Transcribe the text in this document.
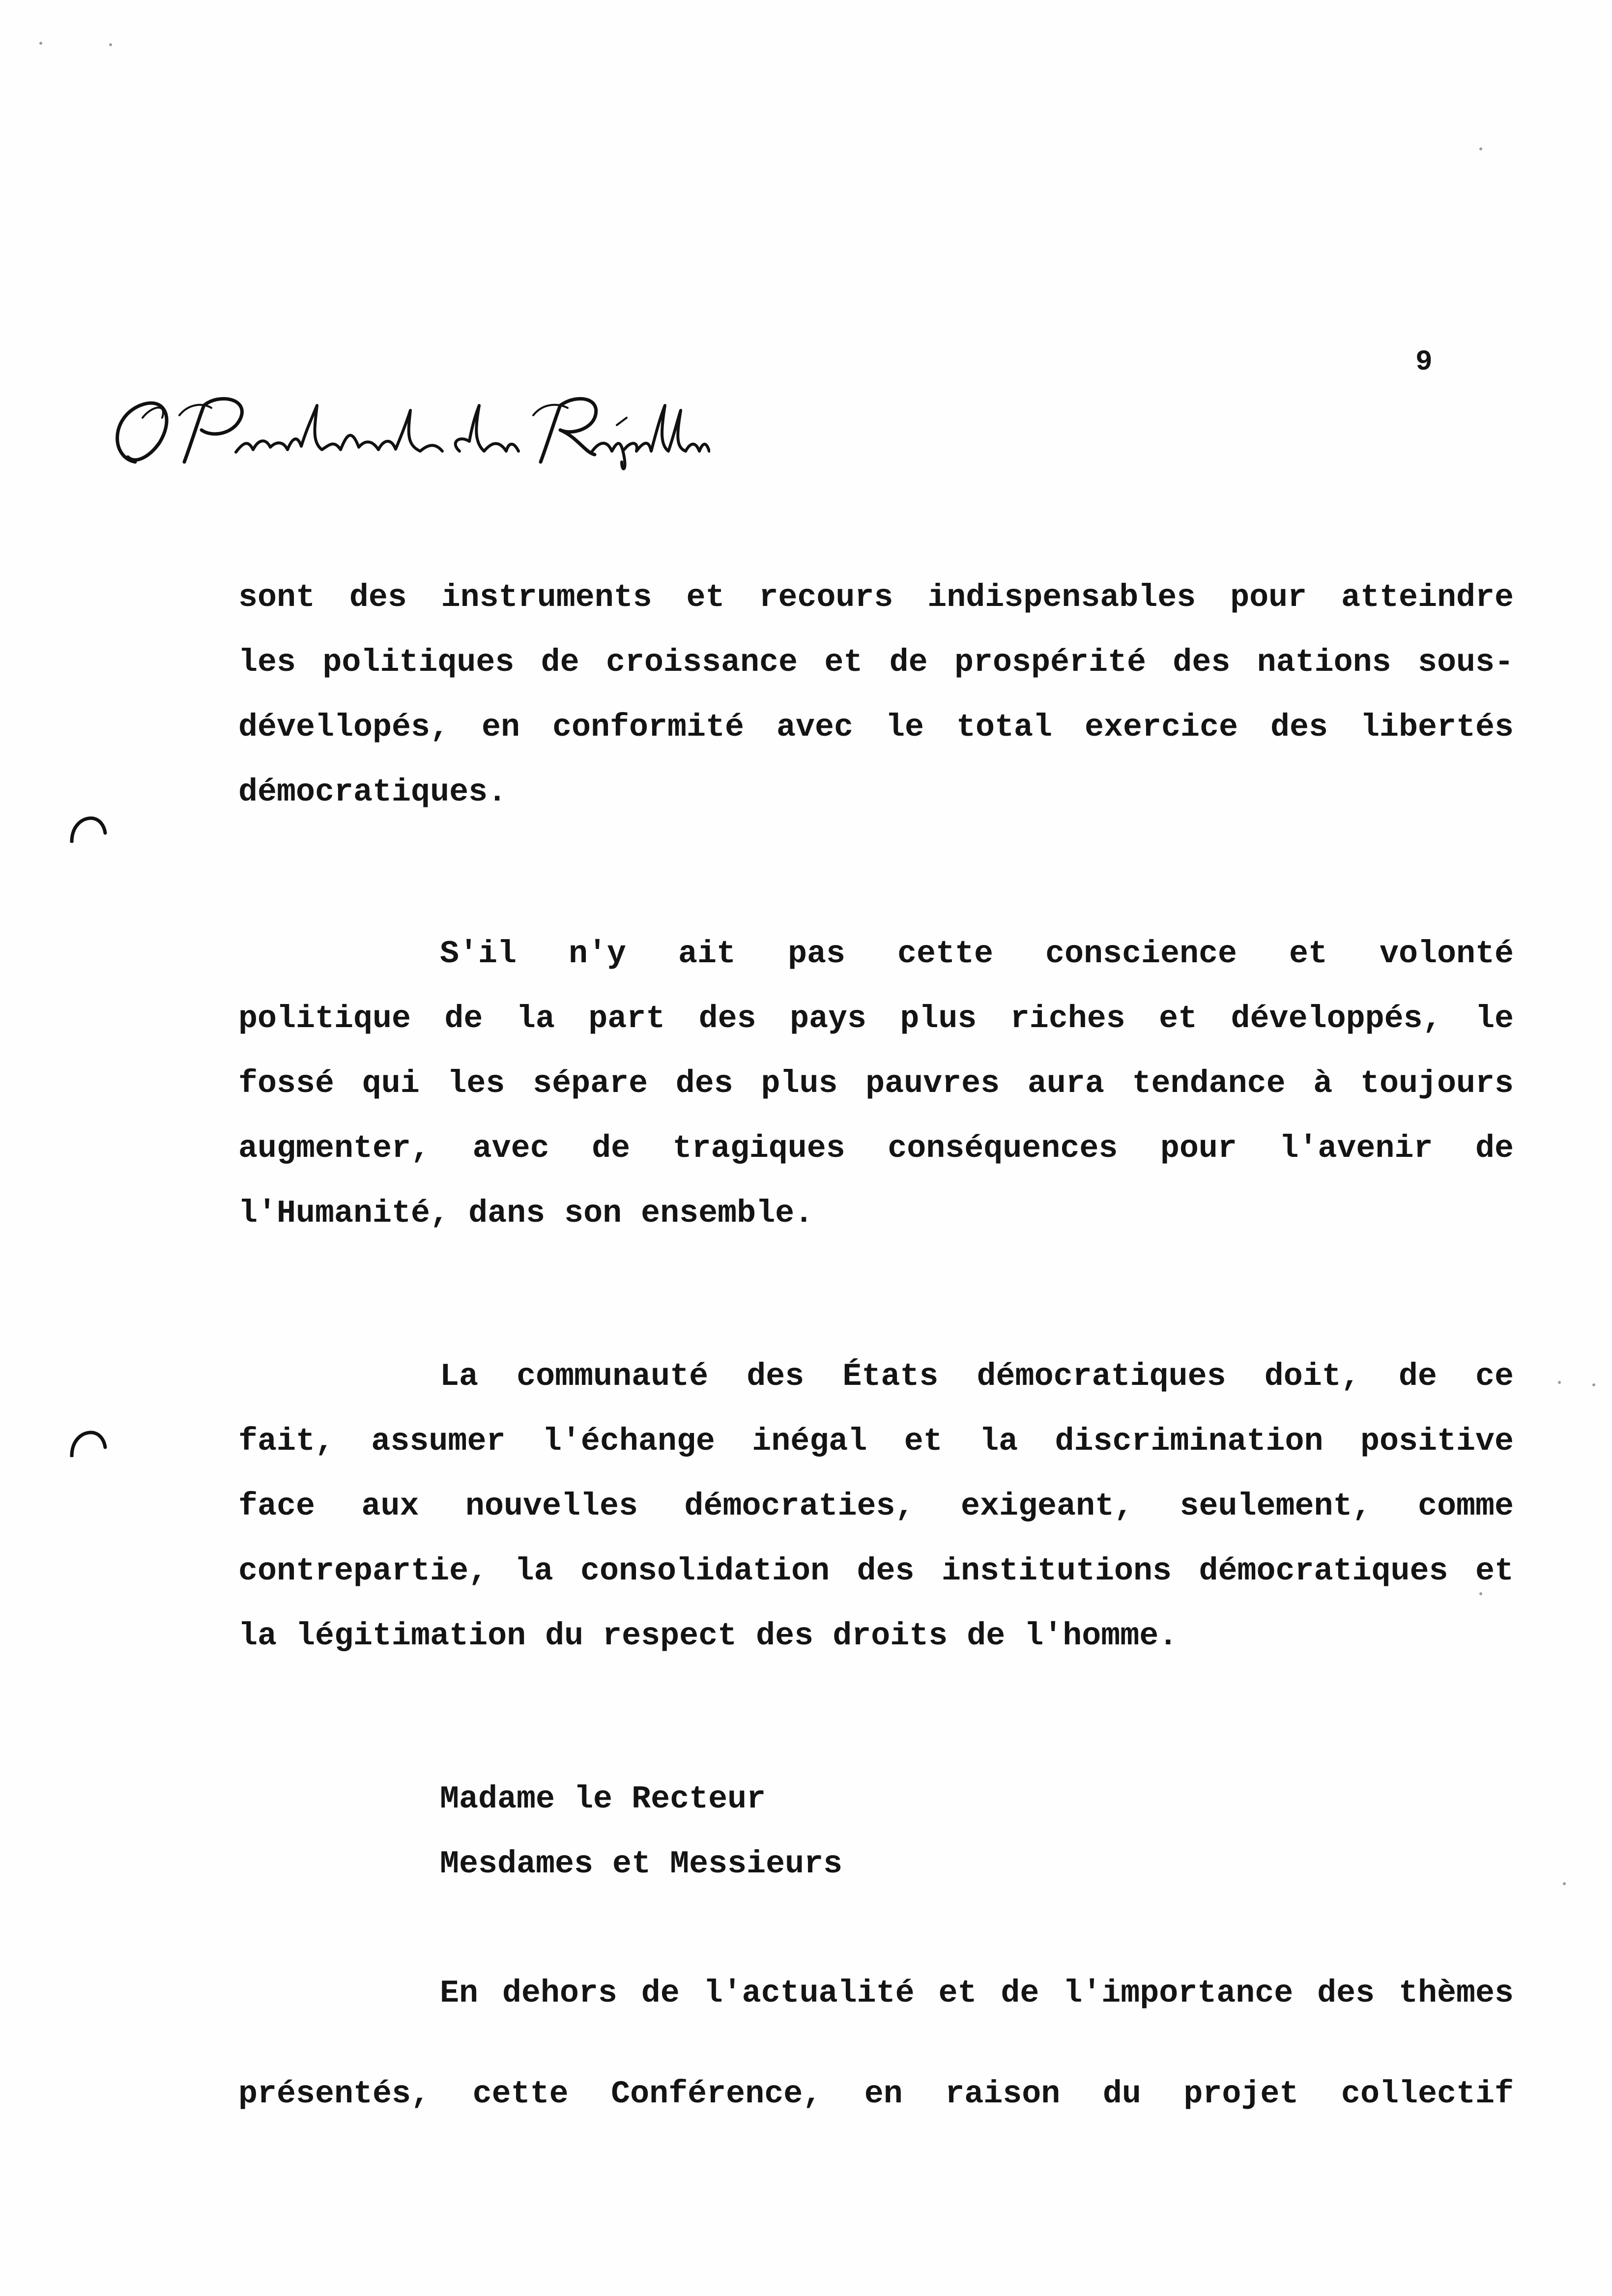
9
sont des instruments et recours indispensables pour atteindre
les politiques de croissance et de prospérité des nations sous-
dévellopés, en conformité avec le total exercice des libertés
démocratiques.
S'il n'y ait pas cette conscience et volonté
politique de la part des pays plus riches et développés, le
fossé qui les sépare des plus pauvres aura tendance à toujours
augmenter, avec de tragiques conséquences pour l'avenir de
l'Humanité, dans son ensemble.
La communauté des États démocratiques doit, de ce
fait, assumer l'échange inégal et la discrimination positive
face aux nouvelles démocraties, exigeant, seulement, comme
contrepartie, la consolidation des institutions démocratiques et
la légitimation du respect des droits de l'homme.
Madame le Recteur
Mesdames et Messieurs
En dehors de l'actualité et de l'importance des thèmes
présentés, cette Conférence, en raison du projet collectif
